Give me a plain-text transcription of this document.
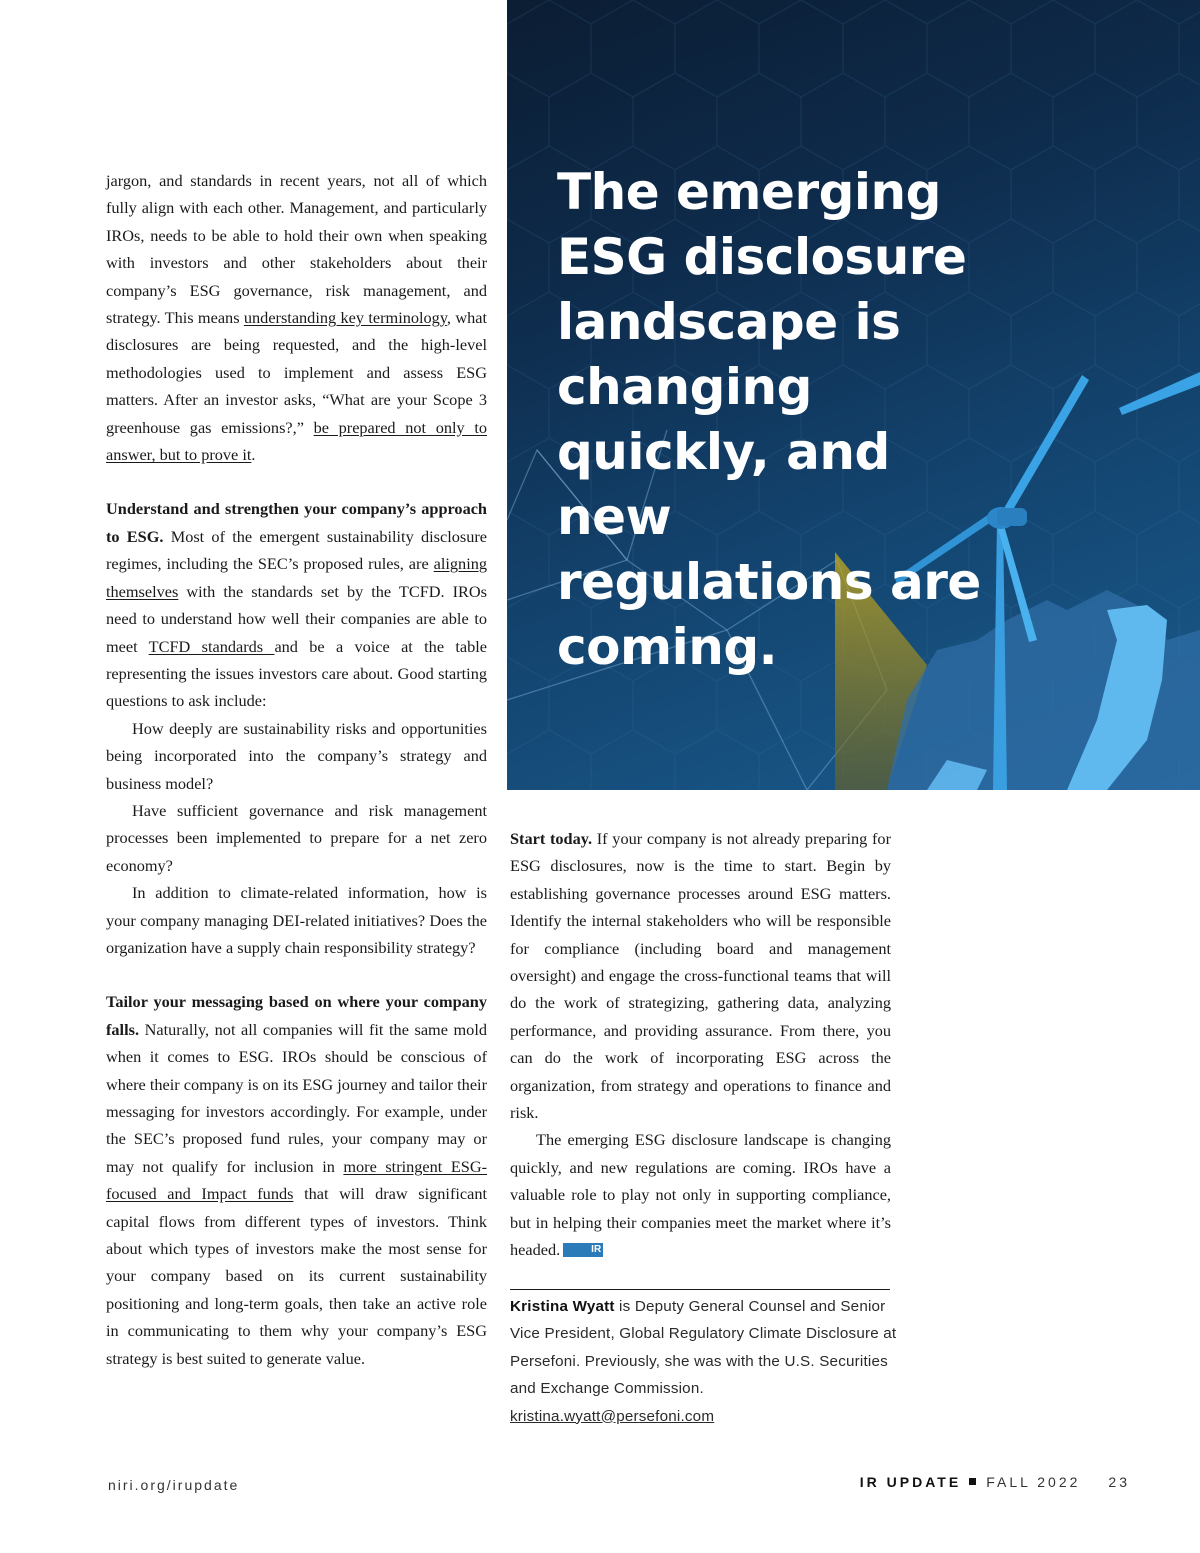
jargon, and standards in recent years, not all of which fully align with each other. Management, and particularly IROs, needs to be able to hold their own when speaking with investors and other stakeholders about their company’s ESG governance, risk management, and strategy. This means understanding key terminology, what disclosures are being requested, and the high-level methodologies used to implement and assess ESG matters. After an investor asks, “What are your Scope 3 greenhouse gas emissions?,” be prepared not only to answer, but to prove it.

Understand and strengthen your company’s approach to ESG. Most of the emergent sustainability disclosure regimes, including the SEC’s proposed rules, are aligning themselves with the standards set by the TCFD. IROs need to understand how well their companies are able to meet TCFD standards and be a voice at the table representing the issues investors care about. Good starting questions to ask include:

How deeply are sustainability risks and opportunities being incorporated into the company’s strategy and business model?

Have sufficient governance and risk management processes been implemented to prepare for a net zero economy?

In addition to climate-related information, how is your company managing DEI-related initiatives? Does the organization have a supply chain responsibility strategy?

Tailor your messaging based on where your company falls. Naturally, not all companies will fit the same mold when it comes to ESG. IROs should be conscious of where their company is on its ESG journey and tailor their messaging for investors accordingly. For example, under the SEC’s proposed fund rules, your company may or may not qualify for inclusion in more stringent ESG-focused and Impact funds that will draw significant capital flows from different types of investors. Think about which types of investors make the most sense for your company based on its current sustainability positioning and long-term goals, then take an active role in communicating to them why your company’s ESG strategy is best suited to generate value.

The emerging ESG disclosure landscape is changing quickly, and new regulations are coming.

Start today. If your company is not already preparing for ESG disclosures, now is the time to start. Begin by establishing governance processes around ESG matters. Identify the internal stakeholders who will be responsible for compliance (including board and management oversight) and engage the cross-functional teams that will do the work of strategizing, gathering data, analyzing performance, and providing assurance. From there, you can do the work of incorporating ESG across the organization, from strategy and operations to finance and risk.

The emerging ESG disclosure landscape is changing quickly, and new regulations are coming. IROs have a valuable role to play not only in supporting compliance, but in helping their companies meet the market where it’s headed.	IR

Kristina Wyatt is Deputy General Counsel and Senior Vice President, Global Regulatory Climate Disclosure at Persefoni. Previously, she was with the U.S. Securities and Exchange Commission.
kristina.wyatt@persefoni.com

niri.org/irupdate	IR UPDATE FALL 2022 23
